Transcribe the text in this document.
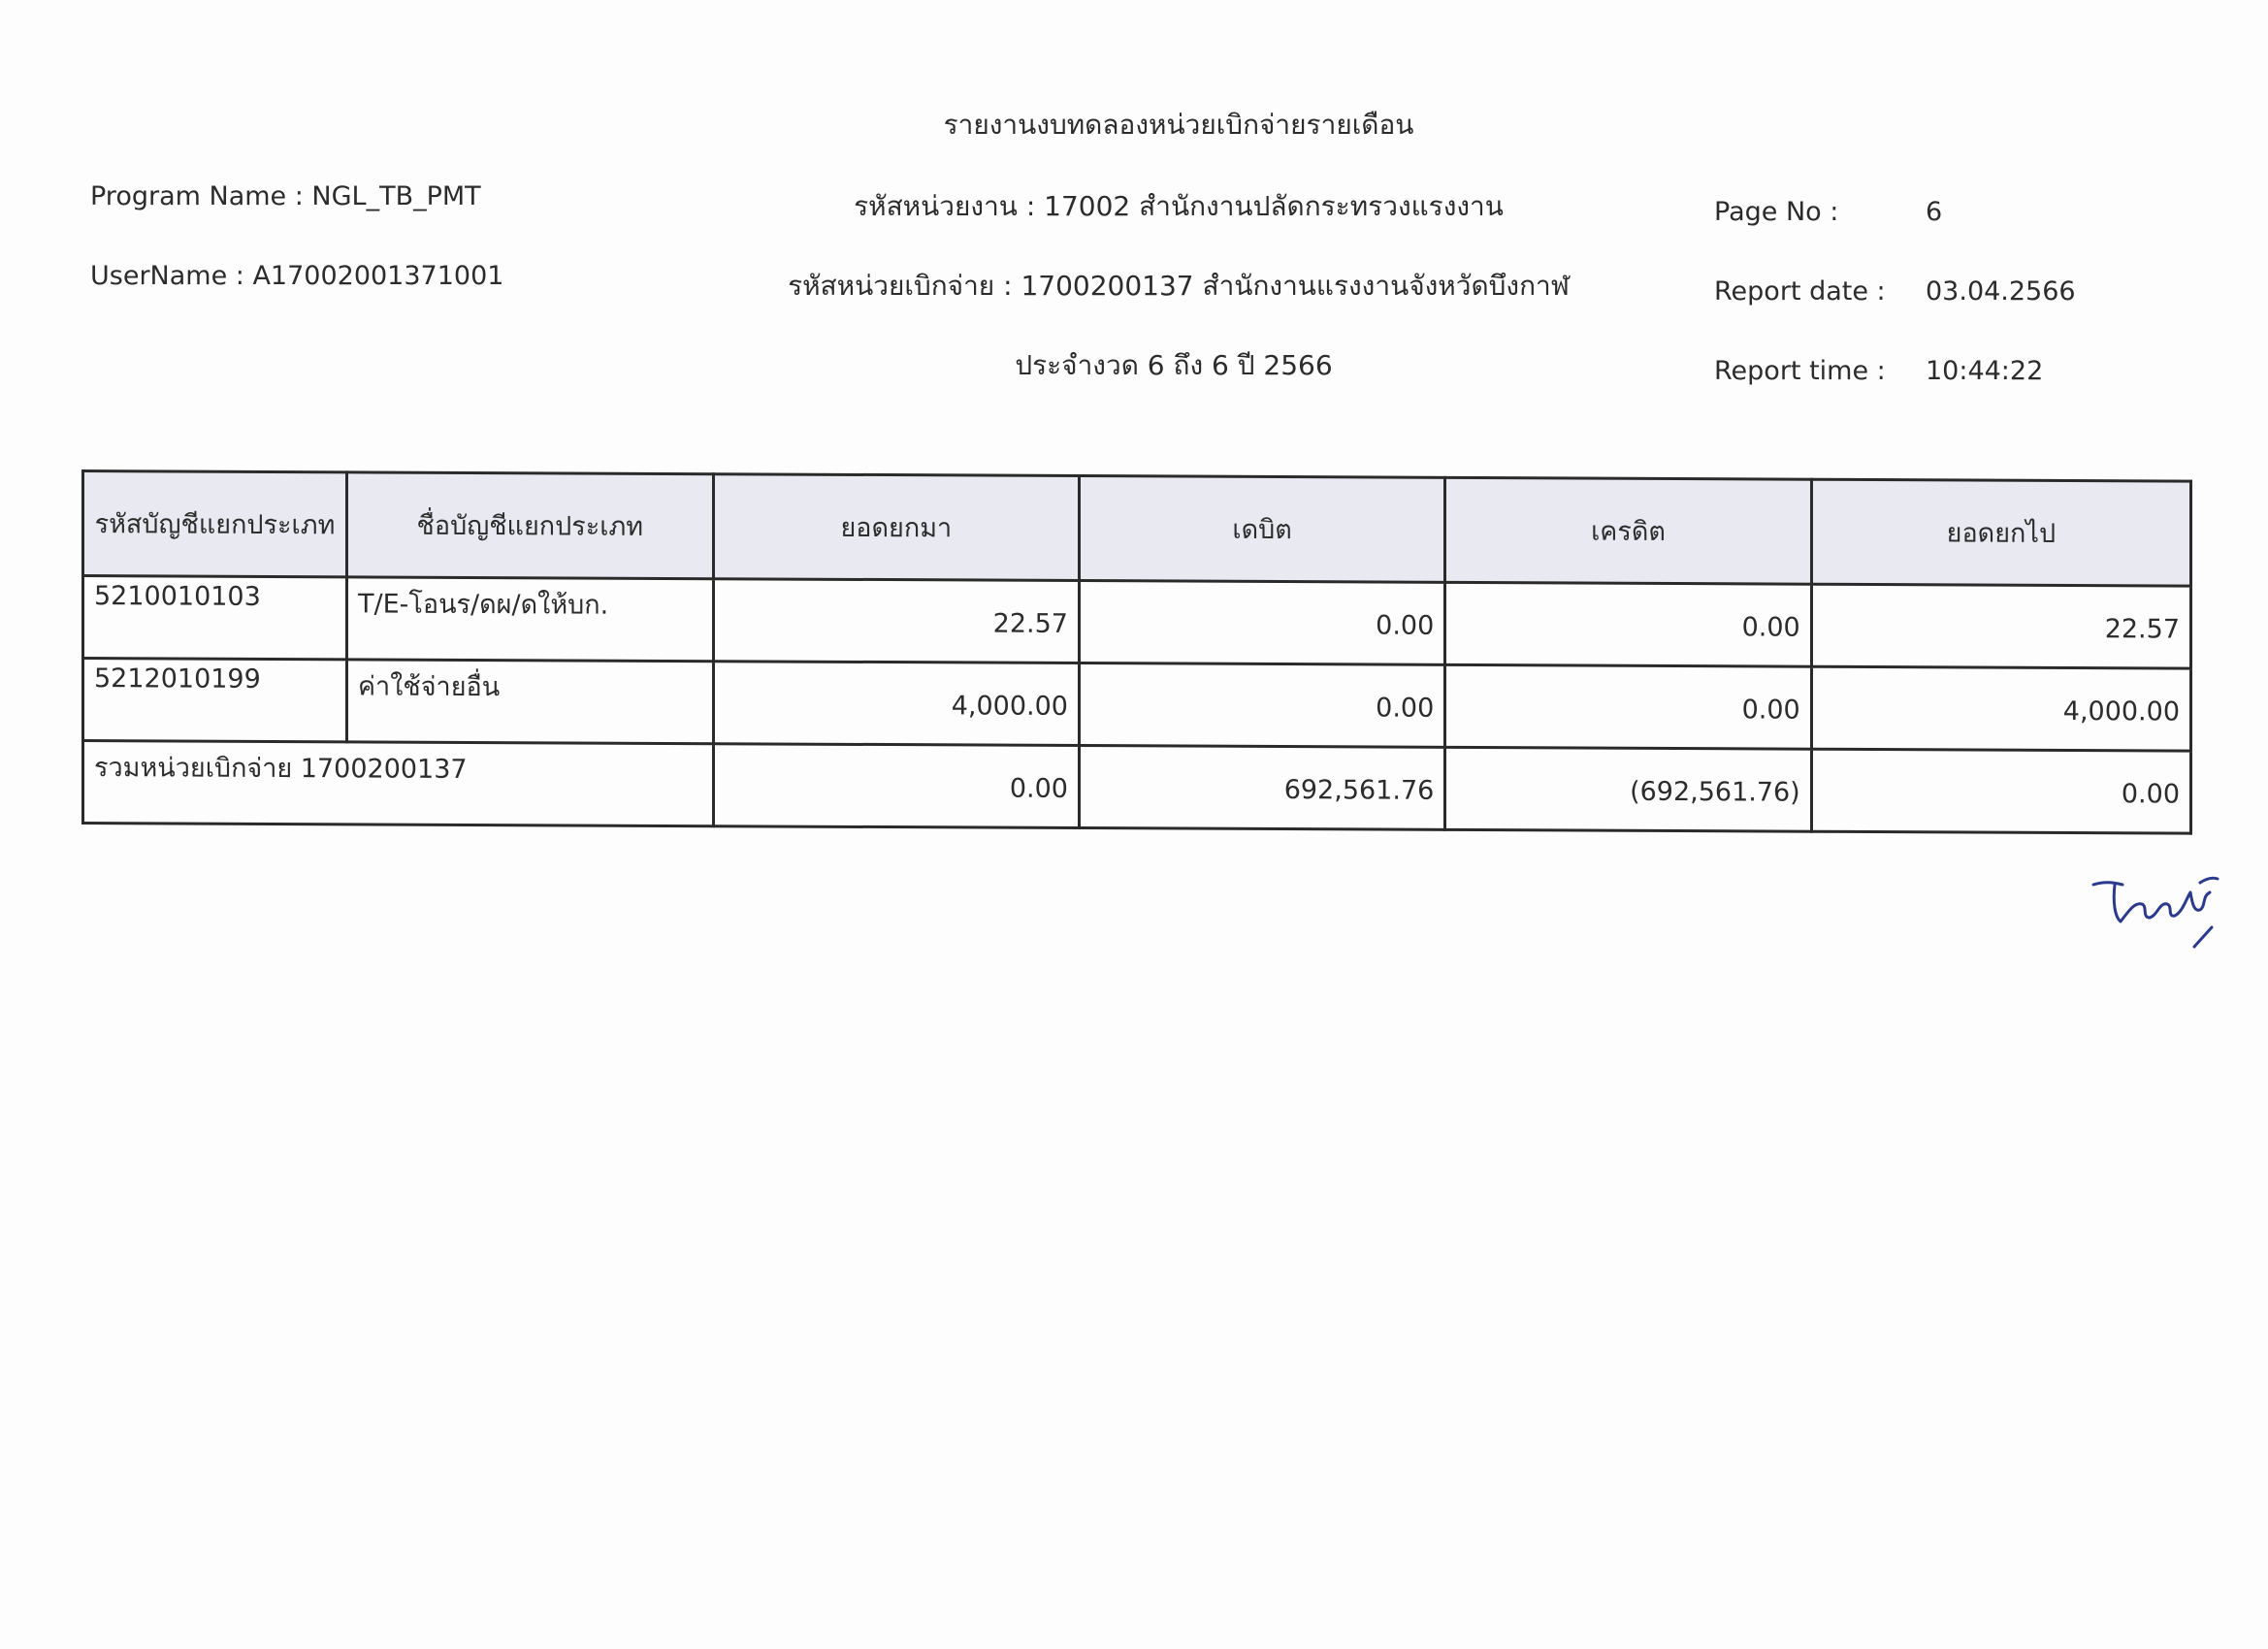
รายงานงบทดลองหน่วยเบิกจ่ายรายเดือน
Program Name : NGL_TB_PMT
UserName : A17002001371001
รหัสหน่วยงาน : 17002 สำนักงานปลัดกระทรวงแรงงาน
รหัสหน่วยเบิกจ่าย : 1700200137 สำนักงานแรงงานจังหวัดบึงกาฬ
ประจำงวด 6 ถึง 6 ปี 2566
Page No :	6
Report date : 03.04.2566
Report time : 10:44:22
รหัสบัญชีแยกประเภท	ชื่อบัญชีแยกประเภท	ยอดยกมา	เดบิต	เครดิต	ยอดยกไป
5210010103	T/E-โอนร/ดผ/ดให้บก.	22.57	0.00	0.00	22.57
5212010199	ค่าใช้จ่ายอื่น	4,000.00	0.00	0.00	4,000.00
รวมหน่วยเบิกจ่าย 1700200137		0.00	692,561.76	(692,561.76)	0.00
